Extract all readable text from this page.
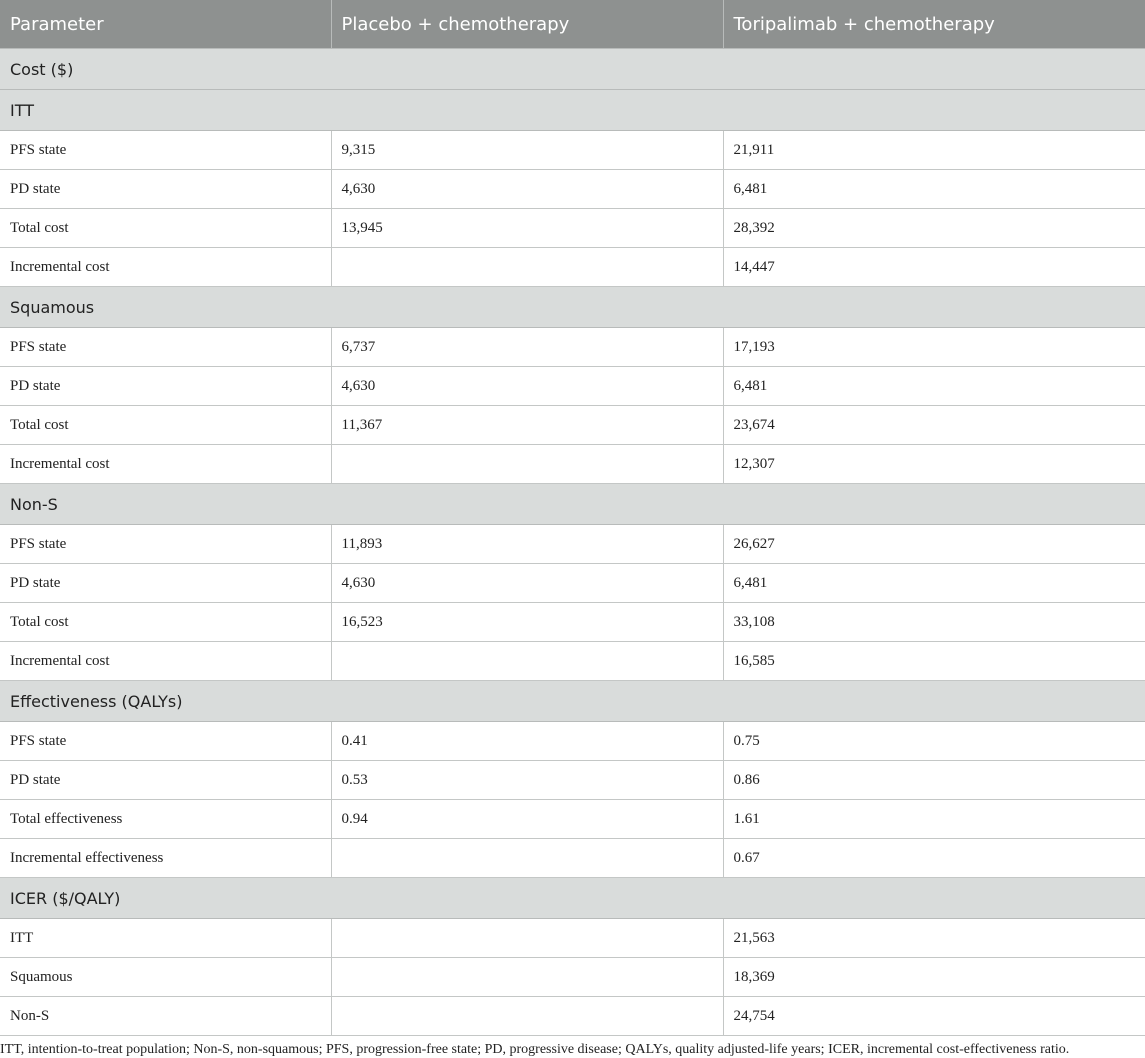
Parameter	Placebo + chemotherapy	Toripalimab + chemotherapy
Cost ($)		
ITT		
PFS state	9,315	21,911
PD state	4,630	6,481
Total cost	13,945	28,392
Incremental cost		14,447
Squamous		
PFS state	6,737	17,193
PD state	4,630	6,481
Total cost	11,367	23,674
Incremental cost		12,307
Non-S		
PFS state	11,893	26,627
PD state	4,630	6,481
Total cost	16,523	33,108
Incremental cost		16,585
Effectiveness (QALYs)		
PFS state	0.41	0.75
PD state	0.53	0.86
Total effectiveness	0.94	1.61
Incremental effectiveness		0.67
ICER ($/QALY)		
ITT		21,563
Squamous		18,369
Non-S		24,754
ITT, intention-to-treat population; Non-S, non-squamous; PFS, progression-free state; PD, progressive disease; QALYs, quality adjusted-life years; ICER, incremental cost-effectiveness ratio.
